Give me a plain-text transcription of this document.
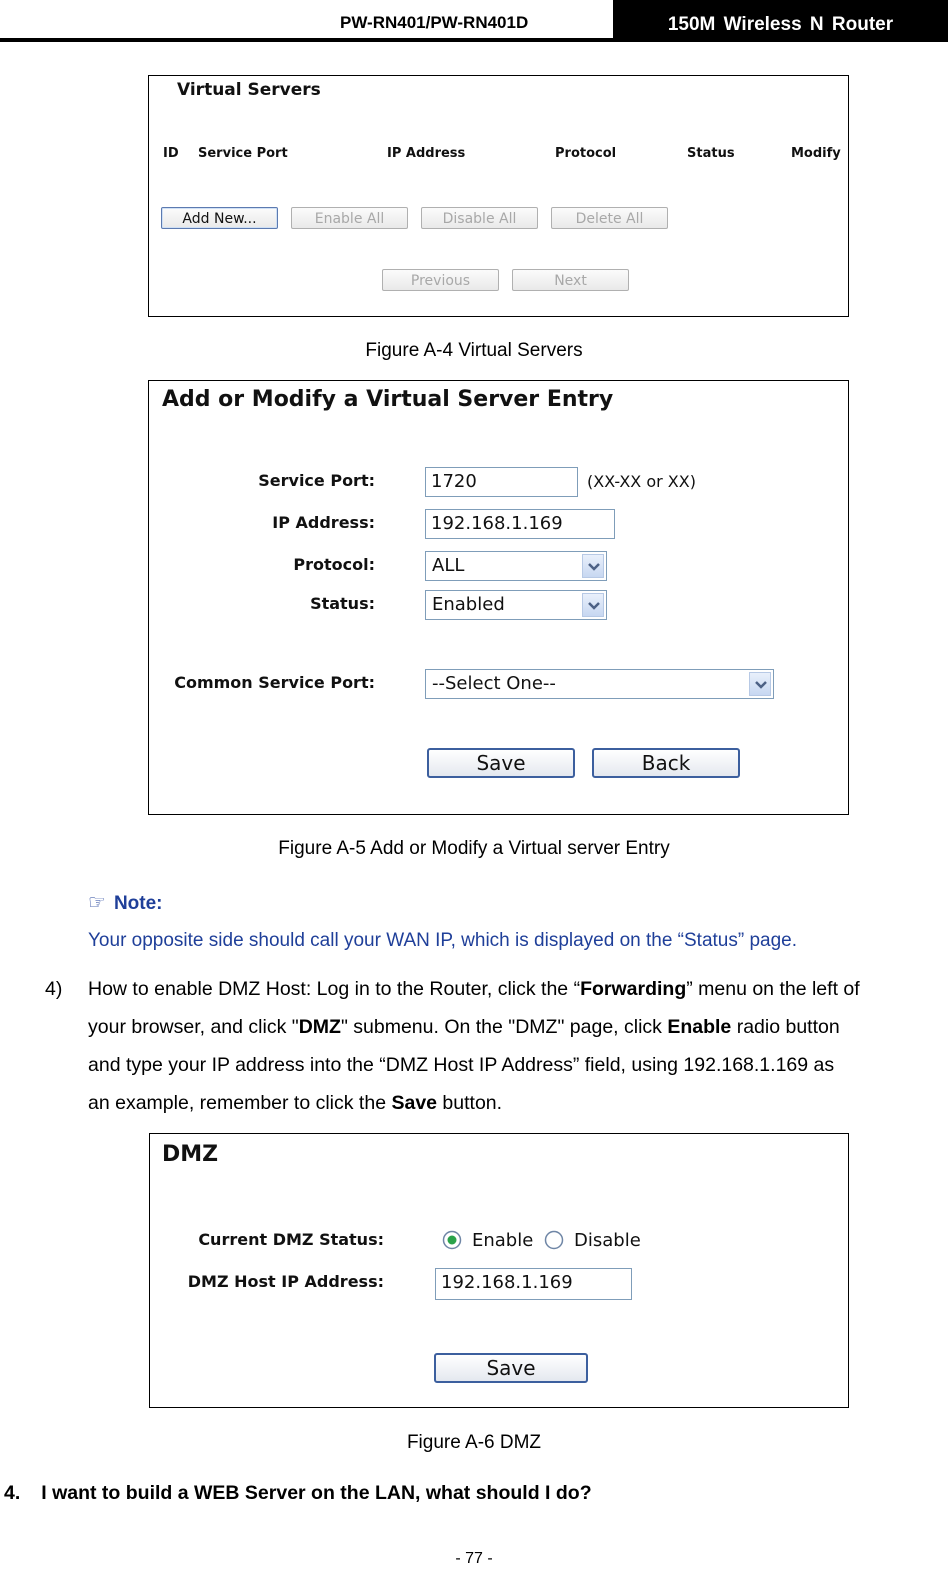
PW-RN401/PW-RN401D	150M Wireless N Router
Virtual Servers
ID Service Port	IP Address	Protocol	Status	Modify
Add New...	Enable All	Disable All	Delete All
Previous	Next
Figure A-4 Virtual Servers
Add or Modify a Virtual Server Entry
Service Port:	1720	(XX-XX or XX)
IP Address:	192.168.1.169
Protocol:	ALL
Status:	Enabled
Common Service Port:	--Select One--
Save	Back
Figure A-5 Add or Modify a Virtual server Entry
☞ Note:
Your opposite side should call your WAN IP, which is displayed on the “Status” page.
4) How to enable DMZ Host: Log in to the Router, click the “Forwarding” menu on the left of
your browser, and click "DMZ" submenu. On the "DMZ" page, click Enable radio button
and type your IP address into the “DMZ Host IP Address” field, using 192.168.1.169 as
an example, remember to click the Save button.
DMZ
Current DMZ Status:	Enable Disable
DMZ Host IP Address:	192.168.1.169
Save
Figure A-6 DMZ
4. I want to build a WEB Server on the LAN, what should I do?
- 77 -
